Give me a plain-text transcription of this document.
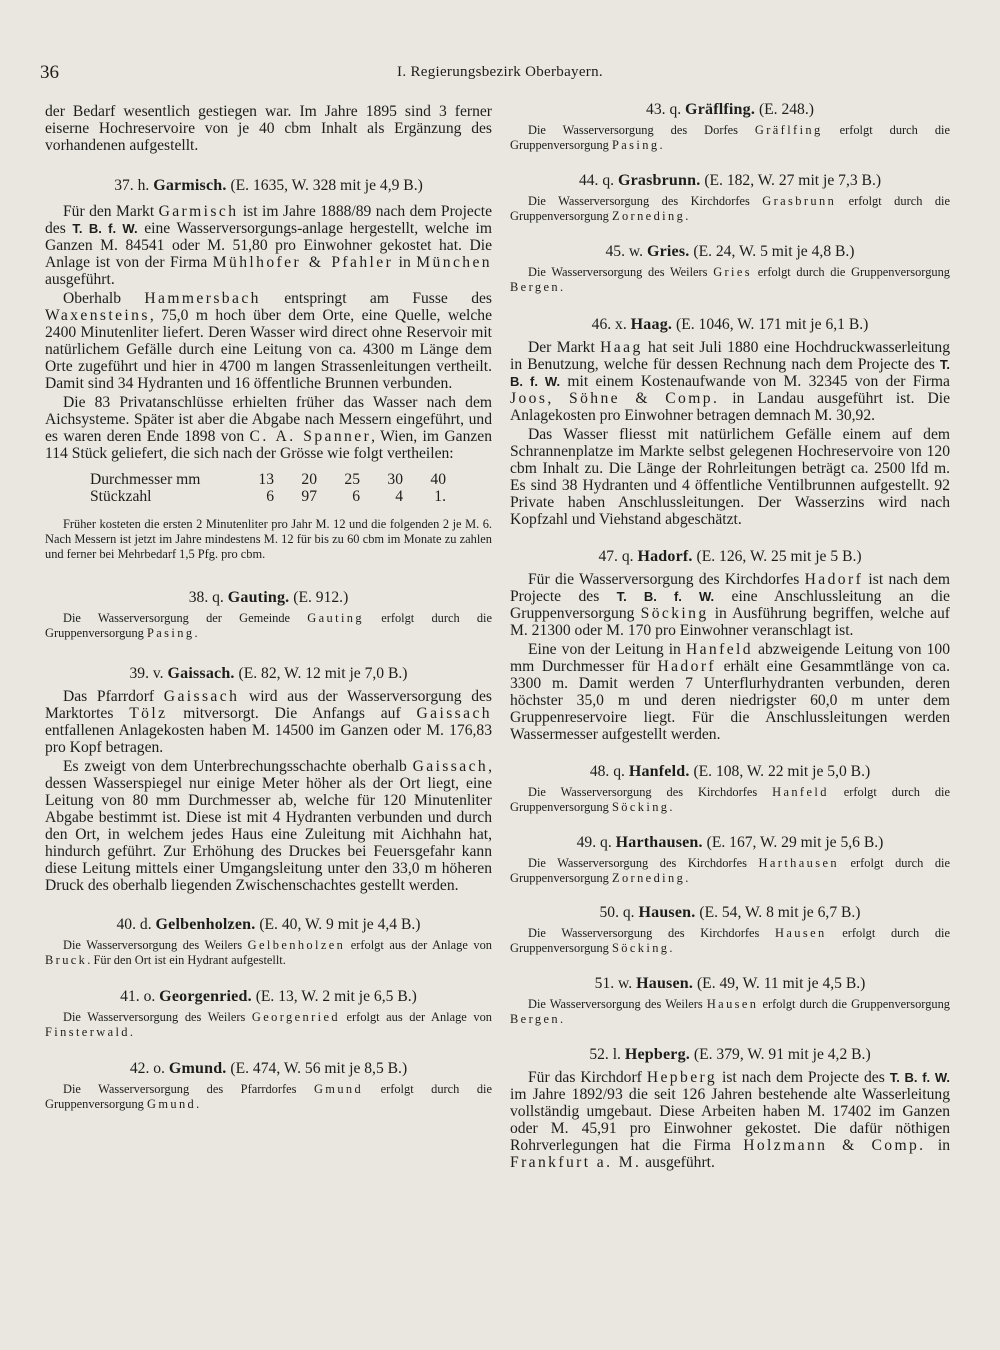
36	I. Regierungsbezirk Oberbayern.

der Bedarf wesentlich gestiegen war. Im Jahre 1895 sind 3 ferner eiserne Hochreservoire von je 40 cbm Inhalt als Ergänzung des vorhandenen aufgestellt.

37. h. Garmisch. (E. 1635, W. 328 mit je 4,9 B.)

Für den Markt Garmisch ist im Jahre 1888/89 nach dem Projecte des T. B. f. W. eine Wasserversorgungs-anlage hergestellt, welche im Ganzen M. 84541 oder M. 51,80 pro Einwohner gekostet hat. Die Anlage ist von der Firma Mühlhofer & Pfahler in München ausgeführt.

Oberhalb Hammersbach entspringt am Fusse des Waxensteins, 75,0 m hoch über dem Orte, eine Quelle, welche 2400 Minutenliter liefert. Deren Wasser wird direct ohne Reservoir mit natürlichem Gefälle durch eine Leitung von ca. 4300 m Länge dem Orte zugeführt und hier in 4700 m langen Strassenleitungen vertheilt. Damit sind 34 Hydranten und 16 öffentliche Brunnen verbunden.

Die 83 Privatanschlüsse erhielten früher das Wasser nach dem Aichsysteme. Später ist aber die Abgabe nach Messern eingeführt, und es waren deren Ende 1898 von C. A. Spanner, Wien, im Ganzen 114 Stück geliefert, die sich nach der Grösse wie folgt vertheilen:

Durchmesser mm	13	20	25	30	40
Stückzahl	6	97	6	4	1.

Früher kosteten die ersten 2 Minutenliter pro Jahr M. 12 und die folgenden 2 je M. 6. Nach Messern ist jetzt im Jahre mindestens M. 12 für bis zu 60 cbm im Monate zu zahlen und ferner bei Mehrbedarf 1,5 Pfg. pro cbm.

38. q. Gauting. (E. 912.)

Die Wasserversorgung der Gemeinde Gauting erfolgt durch die Gruppenversorgung Pasing.

39. v. Gaissach. (E. 82, W. 12 mit je 7,0 B.)

Das Pfarrdorf Gaissach wird aus der Wasserversorgung des Marktortes Tölz mitversorgt. Die Anfangs auf Gaissach entfallenen Anlagekosten haben M. 14500 im Ganzen oder M. 176,83 pro Kopf betragen.

Es zweigt von dem Unterbrechungsschachte oberhalb Gaissach, dessen Wasserspiegel nur einige Meter höher als der Ort liegt, eine Leitung von 80 mm Durchmesser ab, welche für 120 Minutenliter Abgabe bestimmt ist. Diese ist mit 4 Hydranten verbunden und durch den Ort, in welchem jedes Haus eine Zuleitung mit Aichhahn hat, hindurch geführt. Zur Erhöhung des Druckes bei Feuersgefahr kann diese Leitung mittels einer Umgangsleitung unter den 33,0 m höheren Druck des oberhalb liegenden Zwischenschachtes gestellt werden.

40. d. Gelbenholzen. (E. 40, W. 9 mit je 4,4 B.)

Die Wasserversorgung des Weilers Gelbenholzen erfolgt aus der Anlage von Bruck. Für den Ort ist ein Hydrant aufgestellt.

41. o. Georgenried. (E. 13, W. 2 mit je 6,5 B.)

Die Wasserversorgung des Weilers Georgenried erfolgt aus der Anlage von Finsterwald.

42. o. Gmund. (E. 474, W. 56 mit je 8,5 B.)

Die Wasserversorgung des Pfarrdorfes Gmund erfolgt durch die Gruppenversorgung Gmund.

43. q. Gräflfing. (E. 248.)

Die Wasserversorgung des Dorfes Gräflfing erfolgt durch die Gruppenversorgung Pasing.

44. q. Grasbrunn. (E. 182, W. 27 mit je 7,3 B.)

Die Wasserversorgung des Kirchdorfes Grasbrunn erfolgt durch die Gruppenversorgung Zorneding.

45. w. Gries. (E. 24, W. 5 mit je 4,8 B.)

Die Wasserversorgung des Weilers Gries erfolgt durch die Gruppenversorgung Bergen.

46. x. Haag. (E. 1046, W. 171 mit je 6,1 B.)

Der Markt Haag hat seit Juli 1880 eine Hochdruckwasserleitung in Benutzung, welche für dessen Rechnung nach dem Projecte des T. B. f. W. mit einem Kostenaufwande von M. 32345 von der Firma Joos, Söhne & Comp. in Landau ausgeführt ist. Die Anlagekosten pro Einwohner betragen demnach M. 30,92.

Das Wasser fliesst mit natürlichem Gefälle einem auf dem Schrannenplatze im Markte selbst gelegenen Hochreservoire von 120 cbm Inhalt zu. Die Länge der Rohrleitungen beträgt ca. 2500 lfd m. Es sind 38 Hydranten und 4 öffentliche Ventilbrunnen aufgestellt. 92 Private haben Anschlussleitungen. Der Wasserzins wird nach Kopfzahl und Viehstand abgeschätzt.

47. q. Hadorf. (E. 126, W. 25 mit je 5 B.)

Für die Wasserversorgung des Kirchdorfes Hadorf ist nach dem Projecte des T. B. f. W. eine Anschlussleitung an die Gruppenversorgung Söcking in Ausführung begriffen, welche auf M. 21300 oder M. 170 pro Einwohner veranschlagt ist.

Eine von der Leitung in Hanfeld abzweigende Leitung von 100 mm Durchmesser für Hadorf erhält eine Gesammtlänge von ca. 3300 m. Damit werden 7 Unterflurhydranten verbunden, deren höchster 35,0 m und deren niedrigster 60,0 m unter dem Gruppenreservoire liegt. Für die Anschlussleitungen werden Wassermesser aufgestellt werden.

48. q. Hanfeld. (E. 108, W. 22 mit je 5,0 B.)

Die Wasserversorgung des Kirchdorfes Hanfeld erfolgt durch die Gruppenversorgung Söcking.

49. q. Harthausen. (E. 167, W. 29 mit je 5,6 B.)

Die Wasserversorgung des Kirchdorfes Harthausen erfolgt durch die Gruppenversorgung Zorneding.

50. q. Hausen. (E. 54, W. 8 mit je 6,7 B.)

Die Wasserversorgung des Kirchdorfes Hausen erfolgt durch die Gruppenversorgung Söcking.

51. w. Hausen. (E. 49, W. 11 mit je 4,5 B.)

Die Wasserversorgung des Weilers Hausen erfolgt durch die Gruppenversorgung Bergen.

52. l. Hepberg. (E. 379, W. 91 mit je 4,2 B.)

Für das Kirchdorf Hepberg ist nach dem Projecte des T. B. f. W. im Jahre 1892/93 die seit 126 Jahren bestehende alte Wasserleitung vollständig umgebaut. Diese Arbeiten haben M. 17402 im Ganzen oder M. 45,91 pro Einwohner gekostet. Die dafür nöthigen Rohrverlegungen hat die Firma Holzmann & Comp. in Frankfurt a. M. ausgeführt.
